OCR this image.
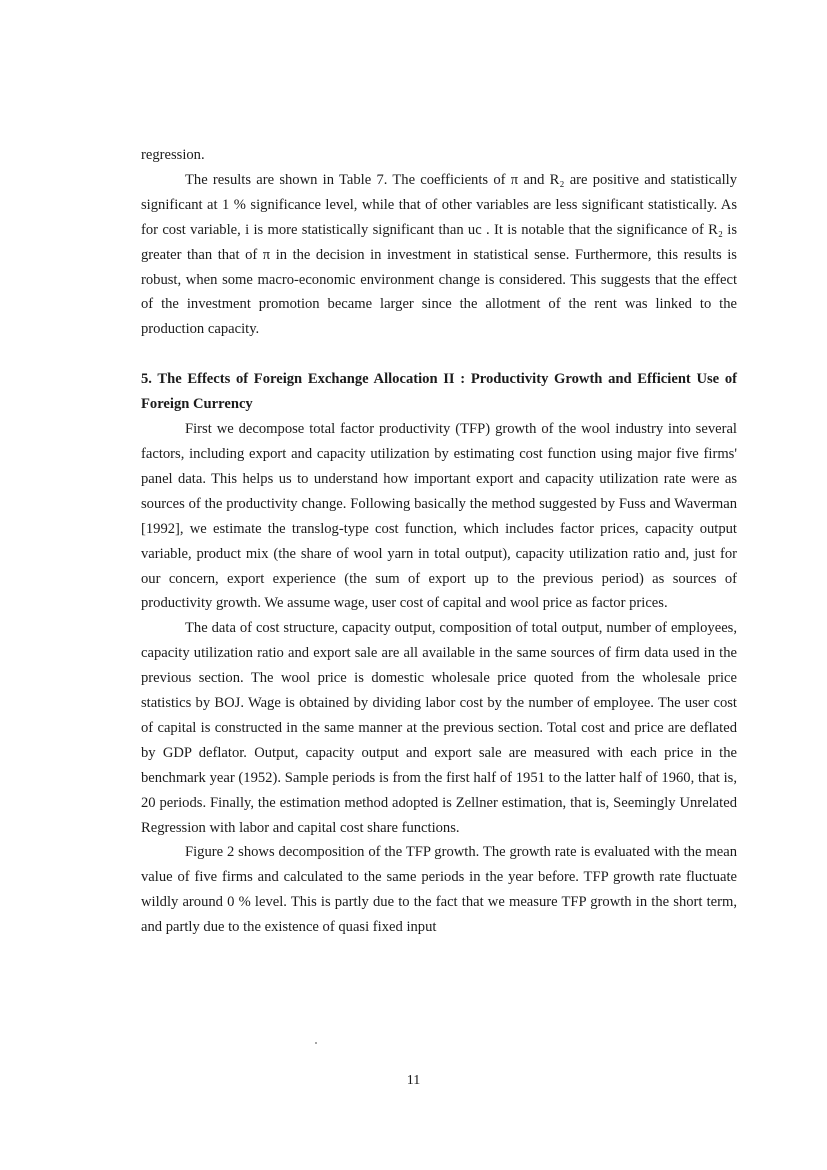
regression.

The results are shown in Table 7. The coefficients of π and R₂ are positive and statistically significant at 1 % significance level, while that of other variables are less significant statistically. As for cost variable, i is more statistically significant than uc . It is notable that the significance of R₂ is greater than that of π in the decision in investment in statistical sense. Furthermore, this results is robust, when some macro-economic environment change is considered. This suggests that the effect of the investment promotion became larger since the allotment of the rent was linked to the production capacity.

5. The Effects of Foreign Exchange Allocation II : Productivity Growth and Efficient Use of Foreign Currency

First we decompose total factor productivity (TFP) growth of the wool industry into several factors, including export and capacity utilization by estimating cost function using major five firms' panel data. This helps us to understand how important export and capacity utilization rate were as sources of the productivity change. Following basically the method suggested by Fuss and Waverman [1992], we estimate the translog-type cost function, which includes factor prices, capacity output variable, product mix (the share of wool yarn in total output), capacity utilization ratio and, just for our concern, export experience (the sum of export up to the previous period) as sources of productivity growth. We assume wage, user cost of capital and wool price as factor prices.

The data of cost structure, capacity output, composition of total output, number of employees, capacity utilization ratio and export sale are all available in the same sources of firm data used in the previous section. The wool price is domestic wholesale price quoted from the wholesale price statistics by BOJ. Wage is obtained by dividing labor cost by the number of employee. The user cost of capital is constructed in the same manner at the previous section. Total cost and price are deflated by GDP deflator. Output, capacity output and export sale are measured with each price in the benchmark year (1952). Sample periods is from the first half of 1951 to the latter half of 1960, that is, 20 periods. Finally, the estimation method adopted is Zellner estimation, that is, Seemingly Unrelated Regression with labor and capital cost share functions.

Figure 2 shows decomposition of the TFP growth. The growth rate is evaluated with the mean value of five firms and calculated to the same periods in the year before. TFP growth rate fluctuate wildly around 0 % level. This is partly due to the fact that we measure TFP growth in the short term, and partly due to the existence of quasi fixed input

11
